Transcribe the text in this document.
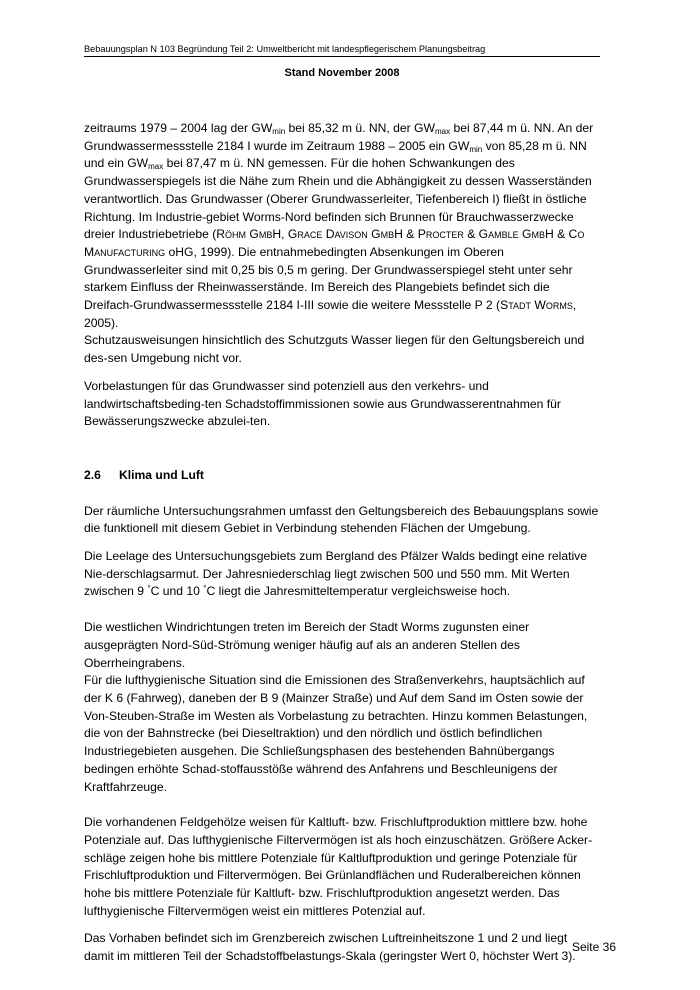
Bebauungsplan N 103 Begründung Teil 2: Umweltbericht mit landespflegerischem Planungsbeitrag
Stand November 2008

zeitraums 1979 – 2004 lag der $GW_{min}$ bei 85,32 m ü. NN, der $GW_{max}$ bei 87,44 m ü. NN. An der Grundwassermessstelle 2184 I wurde im Zeitraum 1988 – 2005 ein $GW_{min}$ von 85,28 m ü. NN und ein $GW_{max}$ bei 87,47 m ü. NN gemessen. Für die hohen Schwankungen des Grundwasserspiegels ist die Nähe zum Rhein und die Abhängigkeit zu dessen Wasserständen verantwortlich. Das Grundwasser (Oberer Grundwasserleiter, Tiefenbereich I) fließt in östliche Richtung. Im Industrie-gebiet Worms-Nord befinden sich Brunnen für Brauchwasserzwecke dreier Industriebetriebe (Röhm GmbH, Grace Davison GmbH & Procter & Gamble GmbH & Co Manufacturing oHG, 1999). Die entnahmebedingten Absenkungen im Oberen Grundwasserleiter sind mit 0,25 bis 0,5 m gering. Der Grundwasserspiegel steht unter sehr starkem Einfluss der Rheinwasserstände. Im Bereich des Plangebiets befindet sich die Dreifach-Grundwassermessstelle 2184 I-III sowie die weitere Messstelle P 2 (Stadt Worms, 2005).

Schutzausweisungen hinsichtlich des Schutzguts Wasser liegen für den Geltungsbereich und des-sen Umgebung nicht vor.

Vorbelastungen für das Grundwasser sind potenziell aus den verkehrs- und landwirtschaftsbeding-ten Schadstoffimmissionen sowie aus Grundwasserentnahmen für Bewässerungszwecke abzulei-ten.

2.6 Klima und Luft

Der räumliche Untersuchungsrahmen umfasst den Geltungsbereich des Bebauungsplans sowie die funktionell mit diesem Gebiet in Verbindung stehenden Flächen der Umgebung.

Die Leelage des Untersuchungsgebiets zum Bergland des Pfälzer Walds bedingt eine relative Nie-derschlagsarmut. Der Jahresniederschlag liegt zwischen 500 und 550 mm. Mit Werten zwischen 9 °C und 10 °C liegt die Jahresmitteltemperatur vergleichsweise hoch.

Die westlichen Windrichtungen treten im Bereich der Stadt Worms zugunsten einer ausgeprägten Nord-Süd-Strömung weniger häufig auf als an anderen Stellen des Oberrheingrabens.

Für die lufthygienische Situation sind die Emissionen des Straßenverkehrs, hauptsächlich auf der K 6 (Fahrweg), daneben der B 9 (Mainzer Straße) und Auf dem Sand im Osten sowie der Von-Steuben-Straße im Westen als Vorbelastung zu betrachten. Hinzu kommen Belastungen, die von der Bahnstrecke (bei Dieseltraktion) und den nördlich und östlich befindlichen Industriegebieten ausgehen. Die Schließungsphasen des bestehenden Bahnübergangs bedingen erhöhte Schad-stoffausstöße während des Anfahrens und Beschleunigens der Kraftfahrzeuge.

Die vorhandenen Feldgehölze weisen für Kaltluft- bzw. Frischluftproduktion mittlere bzw. hohe Potenziale auf. Das lufthygienische Filtervermögen ist als hoch einzuschätzen. Größere Acker-schläge zeigen hohe bis mittlere Potenziale für Kaltluftproduktion und geringe Potenziale für Frischluftproduktion und Filtervermögen. Bei Grünlandflächen und Ruderalbereichen können hohe bis mittlere Potenziale für Kaltluft- bzw. Frischluftproduktion angesetzt werden. Das lufthygienische Filtervermögen weist ein mittleres Potenzial auf.

Das Vorhaben befindet sich im Grenzbereich zwischen Luftreinheitszone 1 und 2 und liegt damit im mittleren Teil der Schadstoffbelastungs-Skala (geringster Wert 0, höchster Wert 3).

Seite 36
